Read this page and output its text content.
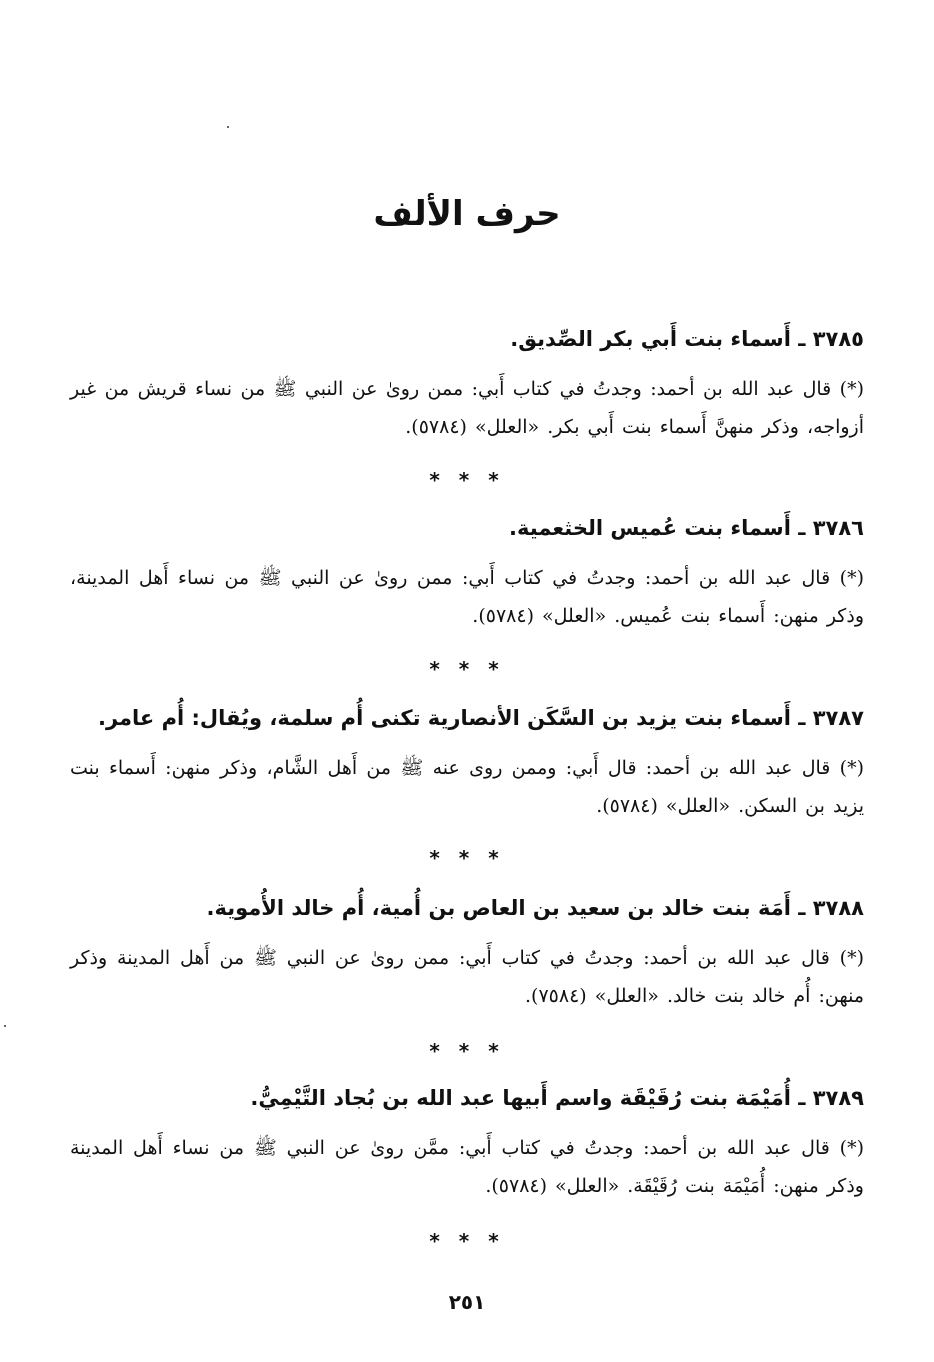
حرف الألف

٣٧٨٥ ـ أَسماء بنت أَبي بكر الصِّديق.

(*) قال عبد الله بن أحمد: وجدتُ في كتاب أَبي: ممن روىٰ عن النبي ﷺ من نساء قريش من غير أزواجه، وذكر منهنَّ أَسماء بنت أَبي بكر. «العلل» (٥٧٨٤).

* * *

٣٧٨٦ ـ أَسماء بنت عُميس الخثعمية.

(*) قال عبد الله بن أحمد: وجدتُ في كتاب أَبي: ممن روىٰ عن النبي ﷺ من نساء أَهل المدينة، وذكر منهن: أَسماء بنت عُميس. «العلل» (٥٧٨٤).

* * *

٣٧٨٧ ـ أَسماء بنت يزيد بن السَّكَن الأنصارية تكنى أُم سلمة، ويُقال: أُم عامر.

(*) قال عبد الله بن أحمد: قال أَبي: وممن روى عنه ﷺ من أَهل الشَّام، وذكر منهن: أَسماء بنت يزيد بن السكن. «العلل» (٥٧٨٤).

* * *

٣٧٨٨ ـ أَمَة بنت خالد بن سعيد بن العاص بن أُمية، أُم خالد الأُموية.

(*) قال عبد الله بن أحمد: وجدتُ في كتاب أَبي: ممن روىٰ عن النبي ﷺ من أَهل المدينة وذكر منهن: أُم خالد بنت خالد. «العلل» (٧٥٨٤).

* * *

٣٧٨٩ ـ أُمَيْمَة بنت رُقَيْقَة واسم أَبيها عبد الله بن بُجاد التَّيْمِيُّ.

(*) قال عبد الله بن أحمد: وجدتُ في كتاب أَبي: ممَّن روىٰ عن النبي ﷺ من نساء أَهل المدينة وذكر منهن: أُمَيْمَة بنت رُقَيْقَة. «العلل» (٥٧٨٤).

* * *
٢٥١
